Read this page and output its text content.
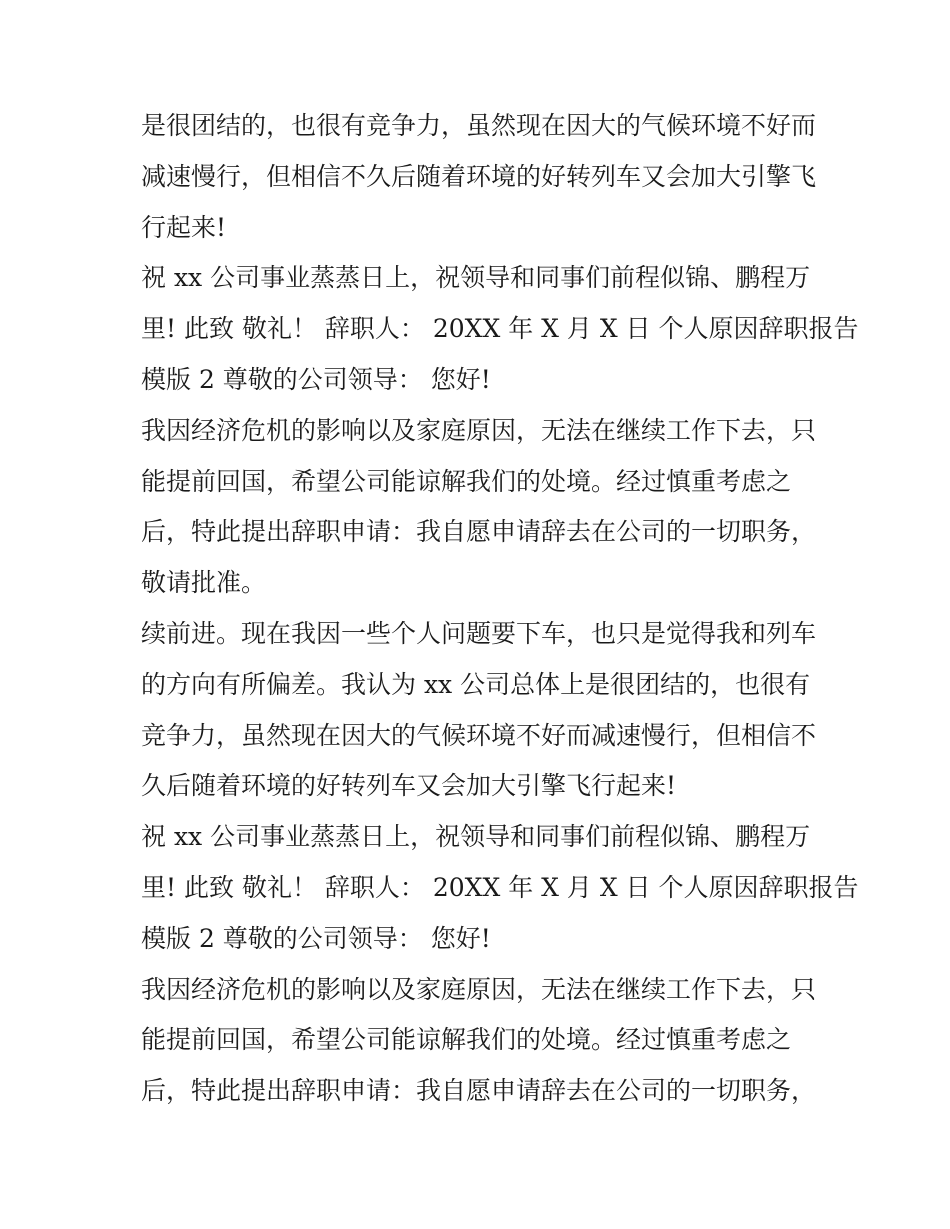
是很团结的，也很有竞争力，虽然现在因大的气候环境不好而

减速慢行，但相信不久后随着环境的好转列车又会加大引擎飞

行起来!

祝 xx 公司事业蒸蒸日上，祝领导和同事们前程似锦、鹏程万

里! 此致 敬礼！ 辞职人： 20XX 年 X 月 X 日 个人原因辞职报告

模版 2 尊敬的公司领导： 您好!

我因经济危机的影响以及家庭原因，无法在继续工作下去，只

能提前回国，希望公司能谅解我们的处境。经过慎重考虑之

后，特此提出辞职申请：我自愿申请辞去在公司的一切职务，

敬请批准。

续前进。现在我因一些个人问题要下车，也只是觉得我和列车

的方向有所偏差。我认为 xx 公司总体上是很团结的，也很有

竞争力，虽然现在因大的气候环境不好而减速慢行，但相信不

久后随着环境的好转列车又会加大引擎飞行起来!

祝 xx 公司事业蒸蒸日上，祝领导和同事们前程似锦、鹏程万

里! 此致 敬礼！ 辞职人： 20XX 年 X 月 X 日 个人原因辞职报告

模版 2 尊敬的公司领导： 您好!

我因经济危机的影响以及家庭原因，无法在继续工作下去，只

能提前回国，希望公司能谅解我们的处境。经过慎重考虑之

后，特此提出辞职申请：我自愿申请辞去在公司的一切职务，
